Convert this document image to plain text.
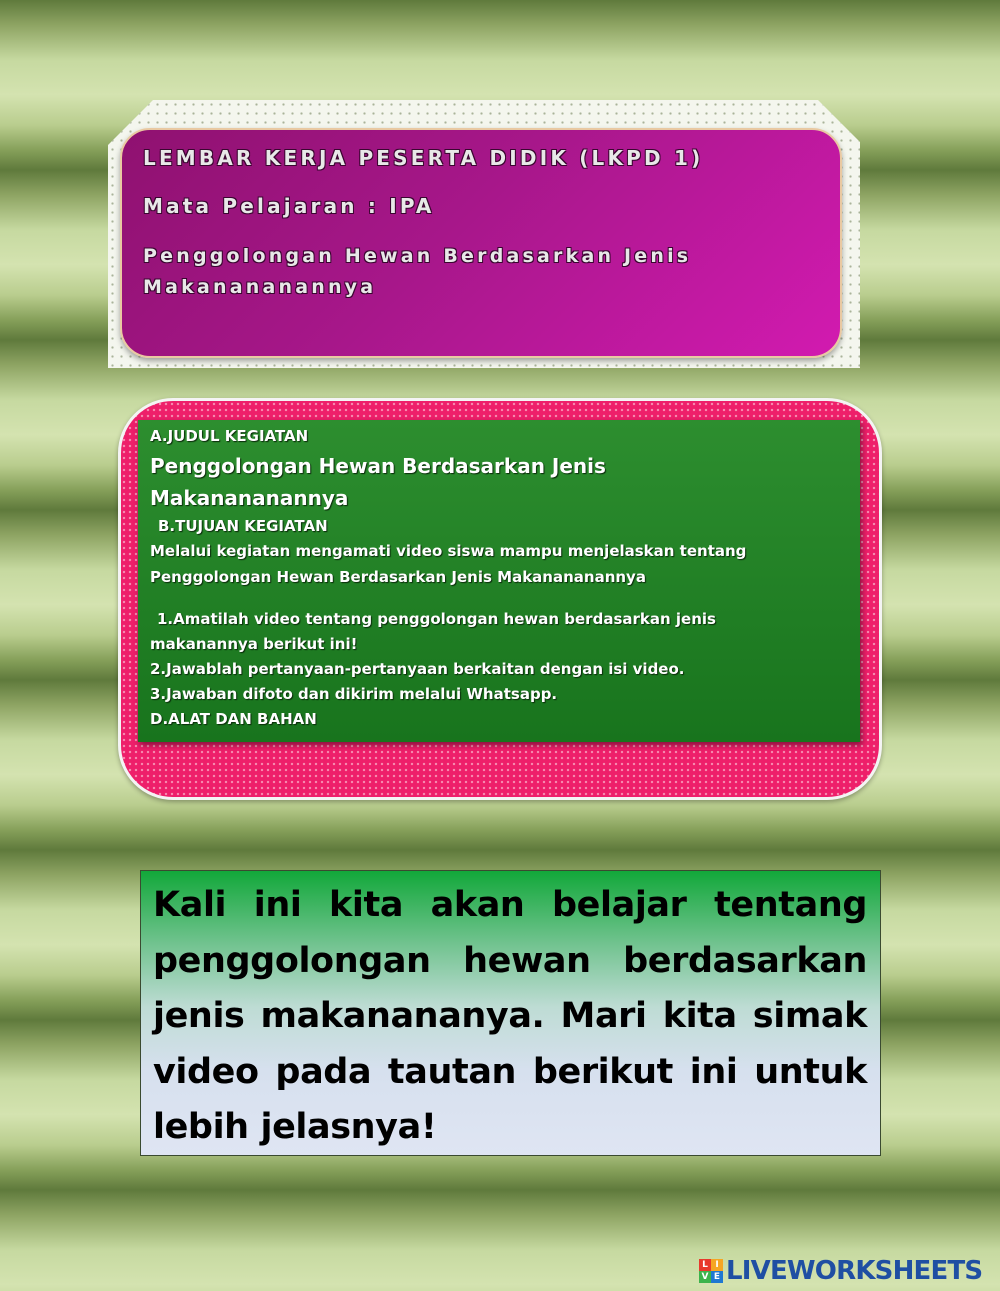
LEMBAR KERJA PESERTA DIDIK (LKPD 1)

Mata Pelajaran : IPA

Penggolongan Hewan Berdasarkan Jenis
Makanananannya

A.JUDUL KEGIATAN

Penggolongan Hewan Berdasarkan Jenis

Makanananannya

B.TUJUAN KEGIATAN

Melalui kegiatan mengamati video siswa mampu menjelaskan tentang

Penggolongan Hewan Berdasarkan Jenis Makanananannya

1.Amatilah video tentang penggolongan hewan berdasarkan jenis

makanannya berikut ini!

2.Jawablah pertanyaan-pertanyaan berkaitan dengan isi video.

3.Jawaban difoto dan dikirim melalui Whatsapp.

D.ALAT DAN BAHAN

Kali ini kita akan belajar tentang penggolongan hewan berdasarkan jenis makanananya. Mari kita simak video pada tautan berikut ini untuk lebih jelasnya!

L I
V E LIVEWORKSHEETS
